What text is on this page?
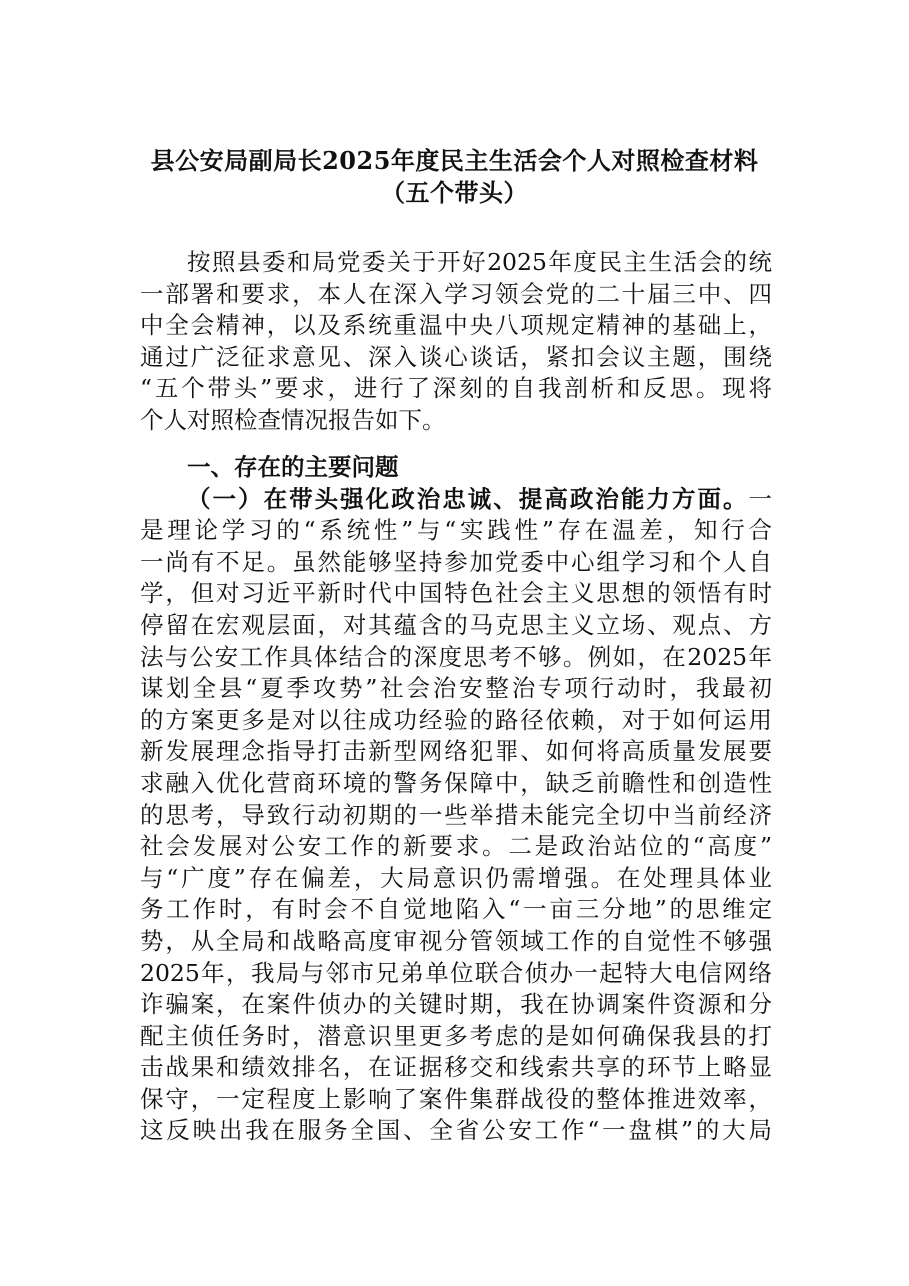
县公安局副局长2025年度民主生活会个人对照检查材料
（五个带头）
按照县委和局党委关于开好2025年度民主生活会的统
一部署和要求，本人在深入学习领会党的二十届三中、四
中全会精神，以及系统重温中央八项规定精神的基础上，
通过广泛征求意见、深入谈心谈话，紧扣会议主题，围绕
“五个带头”要求，进行了深刻的自我剖析和反思。现将
个人对照检查情况报告如下。
一、存在的主要问题
（一）在带头强化政治忠诚、提高政治能力方面。一
是理论学习的“系统性”与“实践性”存在温差，知行合
一尚有不足。虽然能够坚持参加党委中心组学习和个人自
学，但对习近平新时代中国特色社会主义思想的领悟有时
停留在宏观层面，对其蕴含的马克思主义立场、观点、方
法与公安工作具体结合的深度思考不够。例如，在2025年
谋划全县“夏季攻势”社会治安整治专项行动时，我最初
的方案更多是对以往成功经验的路径依赖，对于如何运用
新发展理念指导打击新型网络犯罪、如何将高质量发展要
求融入优化营商环境的警务保障中，缺乏前瞻性和创造性
的思考，导致行动初期的一些举措未能完全切中当前经济
社会发展对公安工作的新要求。二是政治站位的“高度”
与“广度”存在偏差，大局意识仍需增强。在处理具体业
务工作时，有时会不自觉地陷入“一亩三分地”的思维定
势，从全局和战略高度审视分管领域工作的自觉性不够强
2025年，我局与邻市兄弟单位联合侦办一起特大电信网络
诈骗案，在案件侦办的关键时期，我在协调案件资源和分
配主侦任务时，潜意识里更多考虑的是如何确保我县的打
击战果和绩效排名，在证据移交和线索共享的环节上略显
保守，一定程度上影响了案件集群战役的整体推进效率，
这反映出我在服务全国、全省公安工作“一盘棋”的大局
